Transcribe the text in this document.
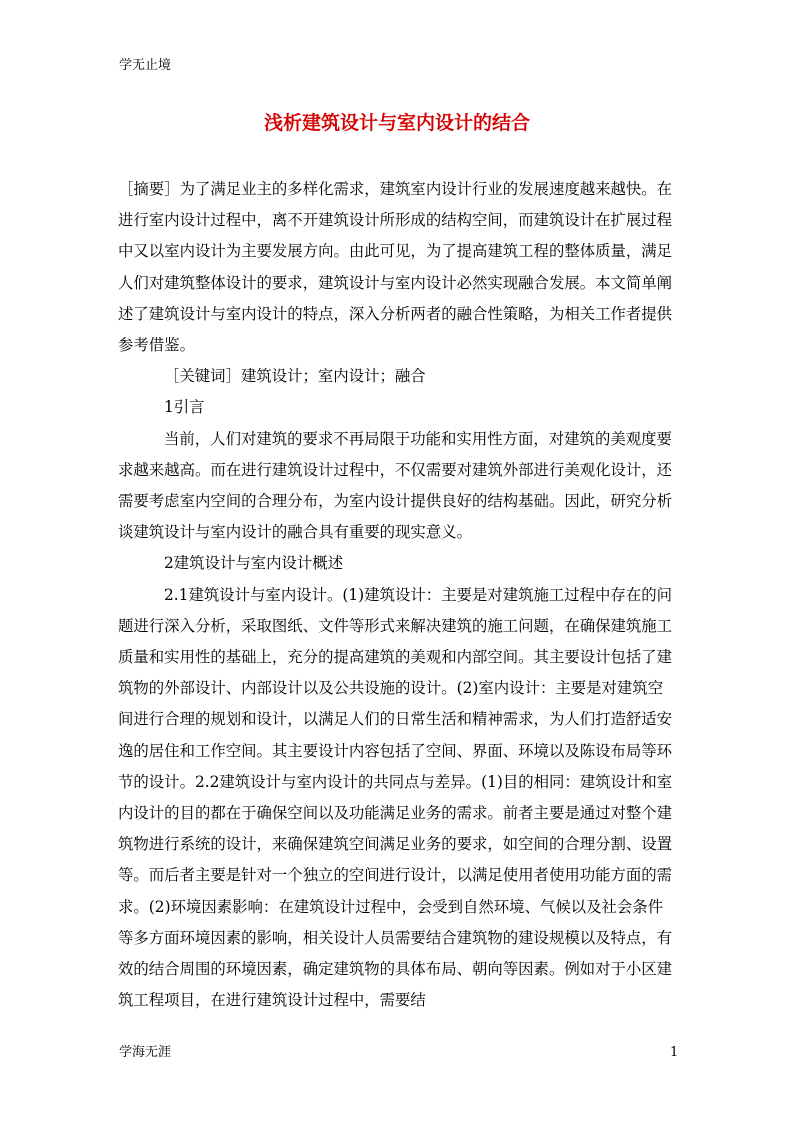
学无止境
浅析建筑设计与室内设计的结合

［摘要］为了满足业主的多样化需求，建筑室内设计行业的发展速度越来越快。在进行室内设计过程中，离不开建筑设计所形成的结构空间，而建筑设计在扩展过程中又以室内设计为主要发展方向。由此可见，为了提高建筑工程的整体质量，满足人们对建筑整体设计的要求，建筑设计与室内设计必然实现融合发展。本文简单阐述了建筑设计与室内设计的特点，深入分析两者的融合性策略，为相关工作者提供参考借鉴。

［关键词］建筑设计；室内设计；融合

1引言

当前，人们对建筑的要求不再局限于功能和实用性方面，对建筑的美观度要求越来越高。而在进行建筑设计过程中，不仅需要对建筑外部进行美观化设计，还需要考虑室内空间的合理分布，为室内设计提供良好的结构基础。因此，研究分析谈建筑设计与室内设计的融合具有重要的现实意义。

2建筑设计与室内设计概述

2.1建筑设计与室内设计。(1)建筑设计：主要是对建筑施工过程中存在的问题进行深入分析，采取图纸、文件等形式来解决建筑的施工问题，在确保建筑施工质量和实用性的基础上，充分的提高建筑的美观和内部空间。其主要设计包括了建筑物的外部设计、内部设计以及公共设施的设计。(2)室内设计：主要是对建筑空间进行合理的规划和设计，以满足人们的日常生活和精神需求，为人们打造舒适安逸的居住和工作空间。其主要设计内容包括了空间、界面、环境以及陈设布局等环节的设计。2.2建筑设计与室内设计的共同点与差异。(1)目的相同：建筑设计和室内设计的目的都在于确保空间以及功能满足业务的需求。前者主要是通过对整个建筑物进行系统的设计，来确保建筑空间满足业务的要求，如空间的合理分割、设置等。而后者主要是针对一个独立的空间进行设计，以满足使用者使用功能方面的需求。(2)环境因素影响：在建筑设计过程中，会受到自然环境、气候以及社会条件等多方面环境因素的影响，相关设计人员需要结合建筑物的建设规模以及特点，有效的结合周围的环境因素，确定建筑物的具体布局、朝向等因素。例如对于小区建筑工程项目，在进行建筑设计过程中，需要结

学海无涯	1
